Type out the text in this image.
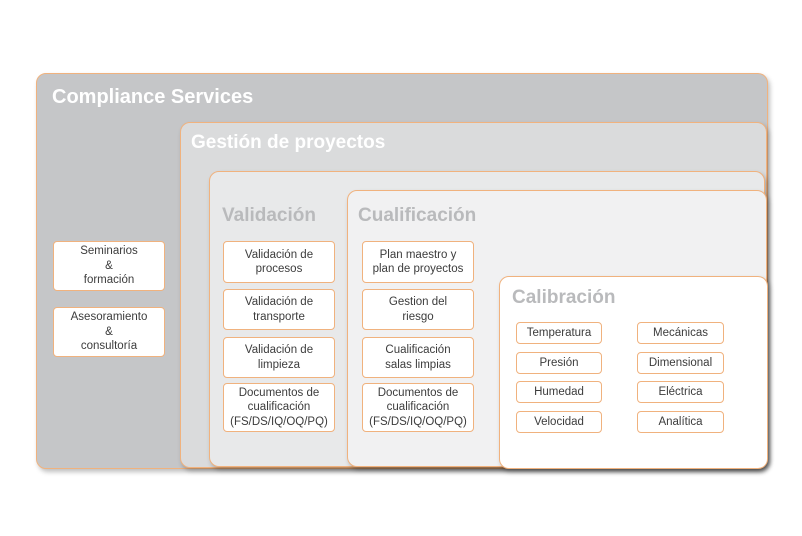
Compliance Services
Seminarios
&
formación
Asesoramiento
&
consultoría
Gestión de proyectos
Validación
Validación de
procesos
Validación de
transporte
Validación de
limpieza
Documentos de
cualificación
(FS/DS/IQ/OQ/PQ)
Cualificación
Plan maestro y
plan de proyectos
Gestion del
riesgo
Cualificación
salas limpias
Documentos de
cualificación
(FS/DS/IQ/OQ/PQ)
Calibración
Temperatura
Presión
Humedad
Velocidad
Mecánicas
Dimensional
Eléctrica
Analítica
